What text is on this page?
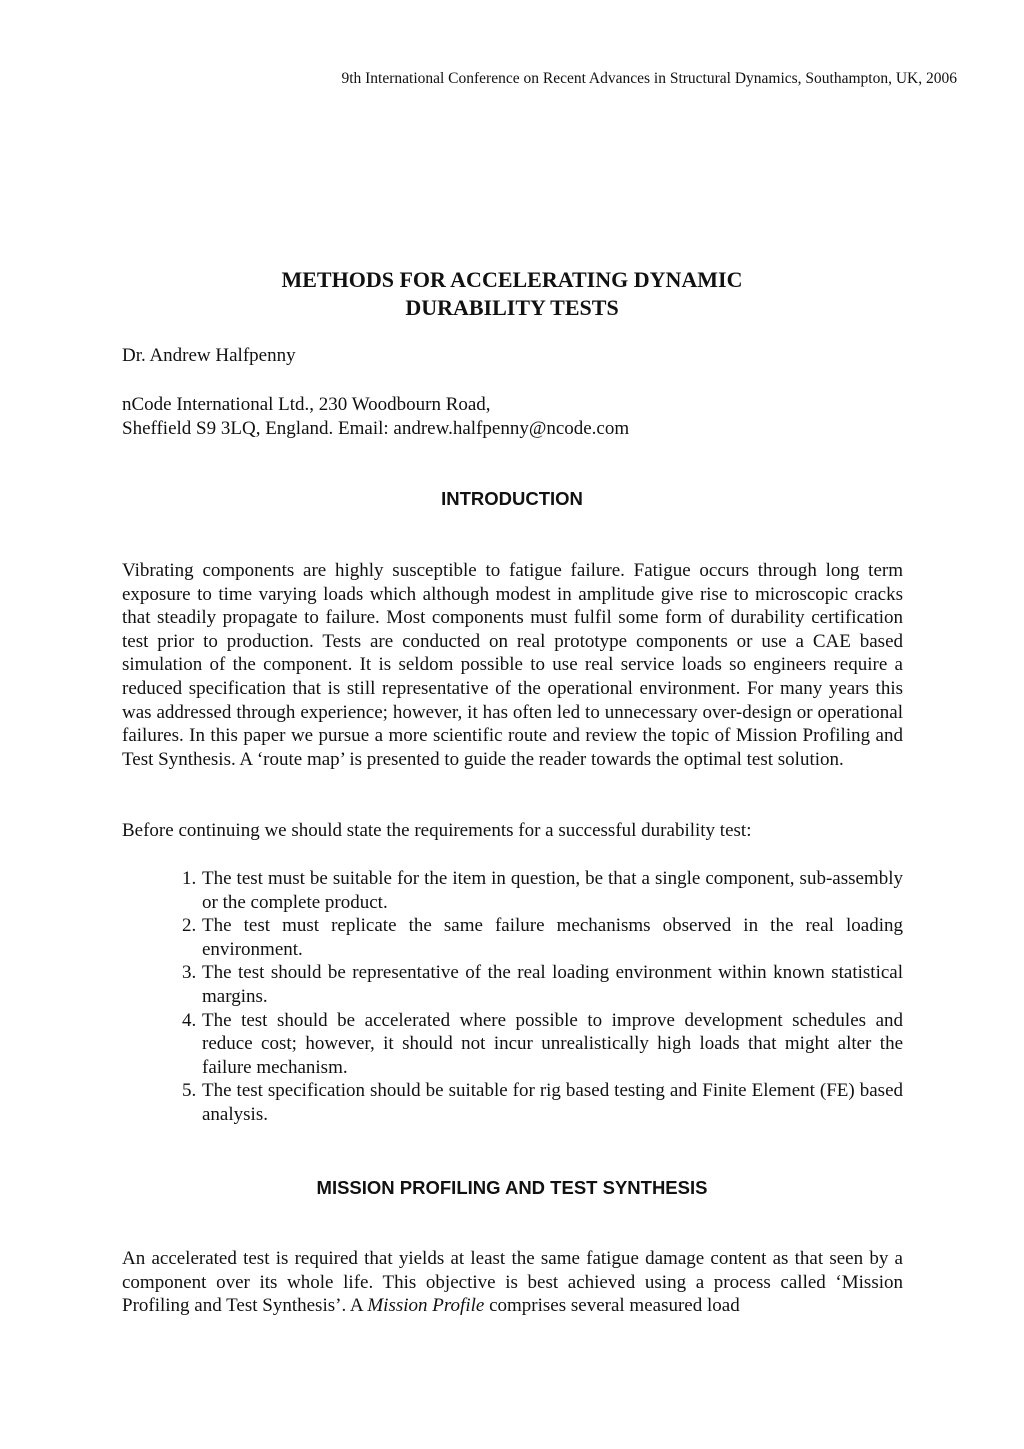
9th International Conference on Recent Advances in Structural Dynamics, Southampton, UK, 2006
METHODS FOR ACCELERATING DYNAMIC
DURABILITY TESTS

Dr. Andrew Halfpenny

nCode International Ltd., 230 Woodbourn Road,
Sheffield S9 3LQ, England. Email: andrew.halfpenny@ncode.com

INTRODUCTION

Vibrating components are highly susceptible to fatigue failure. Fatigue occurs through long term exposure to time varying loads which although modest in amplitude give rise to microscopic cracks that steadily propagate to failure. Most components must fulfil some form of durability certification test prior to production. Tests are conducted on real prototype components or use a CAE based simulation of the component. It is seldom possible to use real service loads so engineers require a reduced specification that is still representative of the operational environment. For many years this was addressed through experience; however, it has often led to unnecessary over-design or operational failures. In this paper we pursue a more scientific route and review the topic of Mission Profiling and Test Synthesis. A ‘route map’ is presented to guide the reader towards the optimal test solution.

Before continuing we should state the requirements for a successful durability test:

1. The test must be suitable for the item in question, be that a single component, sub-assembly or the complete product.
2. The test must replicate the same failure mechanisms observed in the real loading environment.
3. The test should be representative of the real loading environment within known statistical margins.
4. The test should be accelerated where possible to improve development schedules and reduce cost; however, it should not incur unrealistically high loads that might alter the failure mechanism.
5. The test specification should be suitable for rig based testing and Finite Element (FE) based analysis.
MISSION PROFILING AND TEST SYNTHESIS

An accelerated test is required that yields at least the same fatigue damage content as that seen by a component over its whole life. This objective is best achieved using a process called ‘Mission Profiling and Test Synthesis’. A Mission Profile comprises several measured load
